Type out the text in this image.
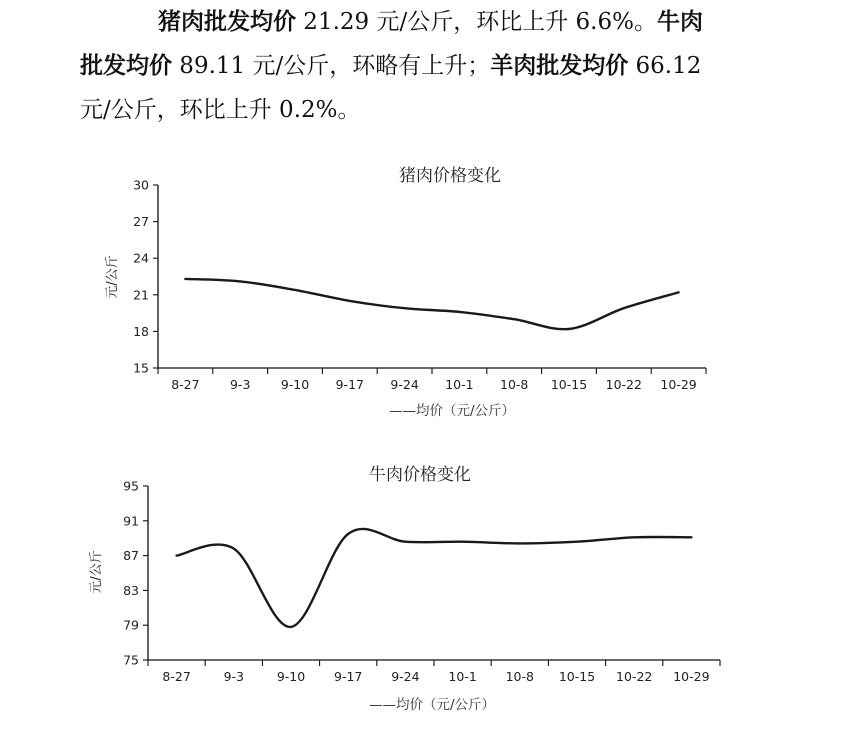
猪肉批发均价 21.29 元/公斤，环比上升 6.6%。牛肉
批发均价 89.11 元/公斤，环略有上升；羊肉批发均价 66.12
元/公斤，环比上升 0.2%。
猪肉价格变化
30
27
24
21
18
15
8-27 9-3 9-10 9-17 9-24 10-1 10-8 10-15 10-22 10-29
元/公斤
——均价（元/公斤）
牛肉价格变化
95
91
87
83
79
75
8-27	9-3	9-10 9-17 9-24 10-1 10-8 10-15 10-22 10-29
元/公斤
——均价（元/公斤）
